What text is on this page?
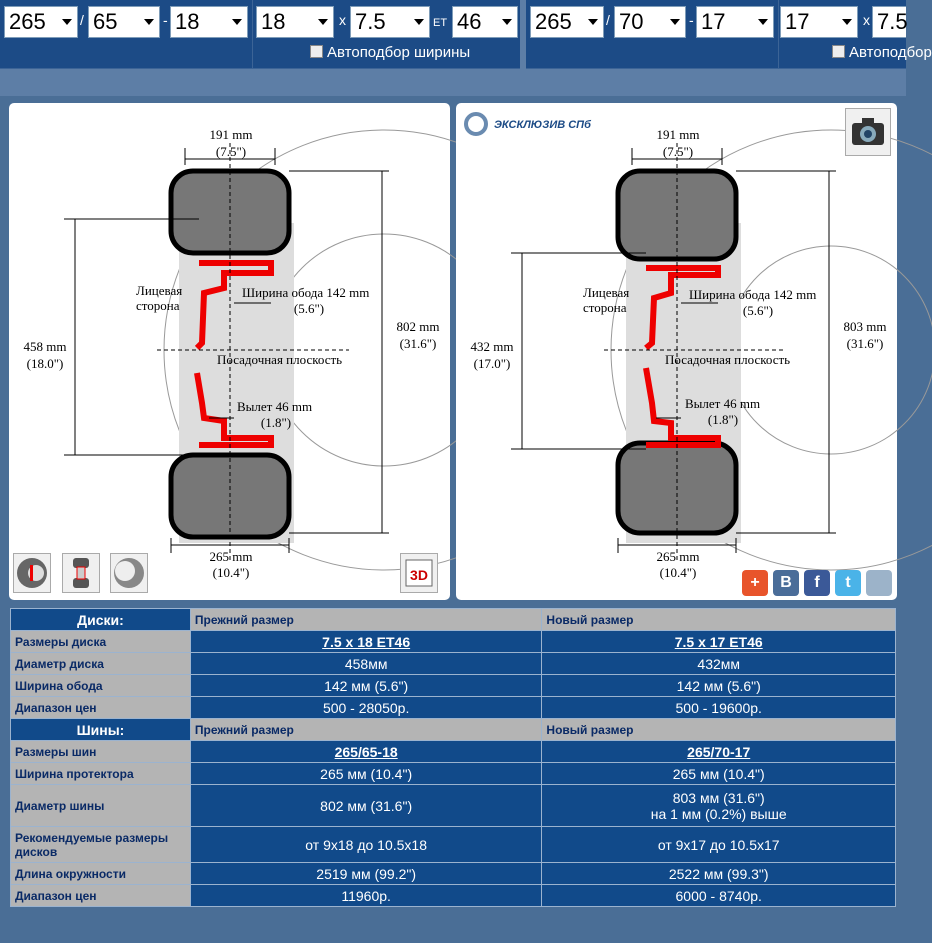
265	/ 65	- 18	18	x 7.5	ET 46
Автоподбор ширины
265	/ 70	- 17	17	x 7.5
Автоподбор
191 mm
(7.5")
Лицевая
сторона
Ширина обода 142 mm
(5.6")
Посадочная плоскость
Вылет 46 mm
(1.8")
458 mm
(18.0")
802 mm
(31.6")
265 mm
(10.4")	3D
ЭКСКЛЮЗИВ СПб
191 mm
(7.5")
Лицевая
сторона
Ширина обода 142 mm
(5.6")
Посадочная плоскость
Вылет 46 mm
(1.8")
432 mm
(17.0")
803 mm
(31.6")
265 mm
(10.4")
+	B	f	t
Диски:	Прежний размер	Новый размер
Размеры диска	7.5 x 18 ET46	7.5 x 17 ET46
Диаметр диска	458мм	432мм
Ширина обода	142 мм (5.6")	142 мм (5.6")
Диапазон цен	500 - 28050р.	500 - 19600р.
Шины:	Прежний размер	Новый размер
Размеры шин	265/65-18	265/70-17
Ширина протектора	265 мм (10.4")	265 мм (10.4")
Диаметр шины	802 мм (31.6")	803 мм (31.6")
на 1 мм (0.2%) выше

Рекомендуемые размеры дисков	от 9x18 до 10.5x18	от 9x17 до 10.5x17
Длина окружности	2519 мм (99.2")	2522 мм (99.3")
Диапазон цен	11960р.	6000 - 8740р.
